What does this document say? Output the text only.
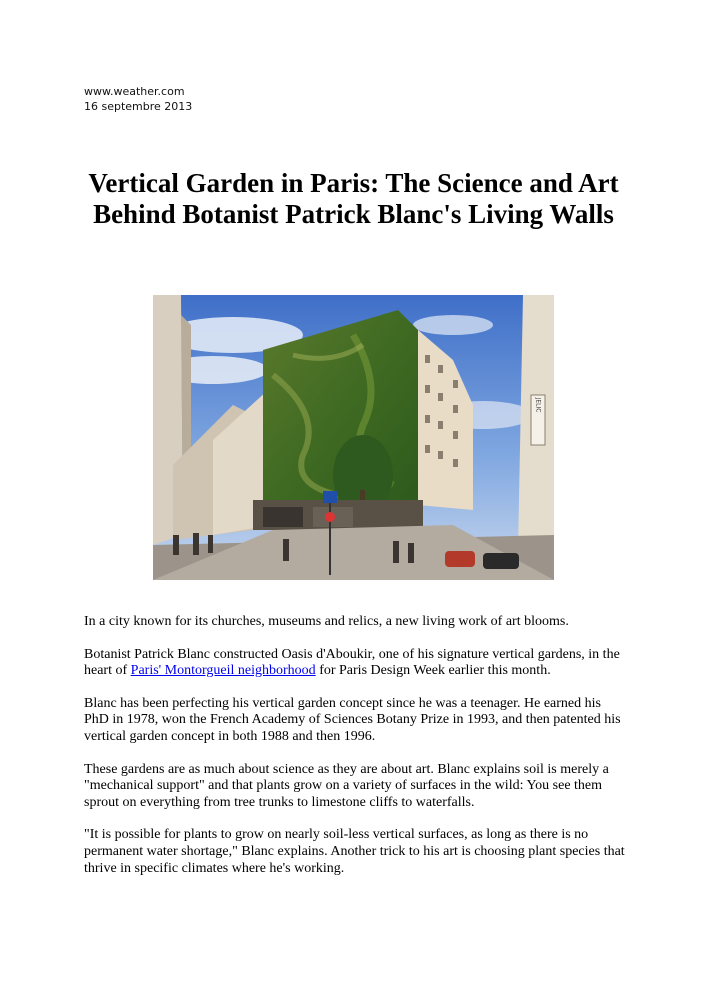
www.weather.com
16 septembre 2013
Vertical Garden in Paris: The Science and Art Behind Botanist Patrick Blanc's Living Walls
JELIC

In a city known for its churches, museums and relics, a new living work of art blooms.

Botanist Patrick Blanc constructed Oasis d'Aboukir, one of his signature vertical gardens, in the heart of Paris' Montorgueil neighborhood for Paris Design Week earlier this month.

Blanc has been perfecting his vertical garden concept since he was a teenager. He earned his PhD in 1978, won the French Academy of Sciences Botany Prize in 1993, and then patented his vertical garden concept in both 1988 and then 1996.

These gardens are as much about science as they are about art. Blanc explains soil is merely a "mechanical support" and that plants grow on a variety of surfaces in the wild: You see them sprout on everything from tree trunks to limestone cliffs to waterfalls.

"It is possible for plants to grow on nearly soil-less vertical surfaces, as long as there is no permanent water shortage," Blanc explains. Another trick to his art is choosing plant species that thrive in specific climates where he's working.
